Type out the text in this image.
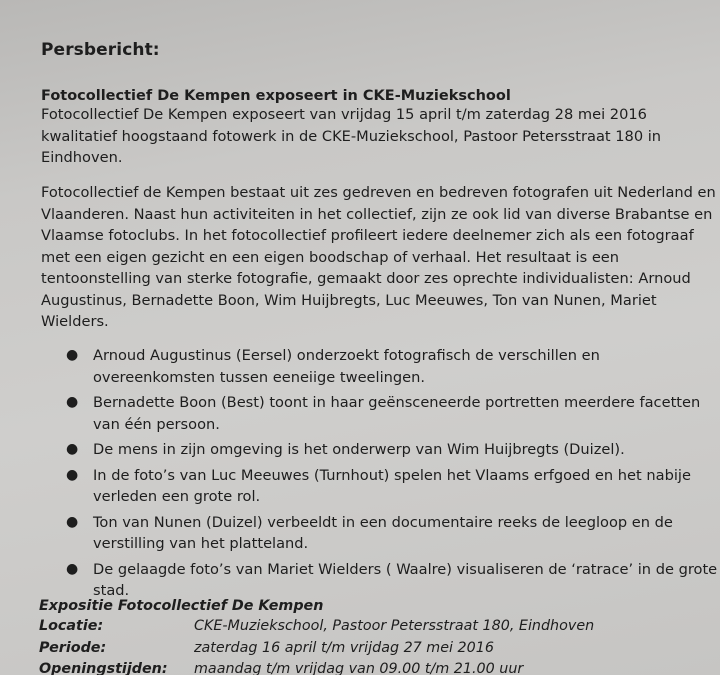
Persbericht:
Fotocollectief De Kempen exposeert in CKE-Muziekschool
Fotocollectief De Kempen exposeert van vrijdag 15 april t/m zaterdag 28 mei 2016
kwalitatief hoogstaand fotowerk in de CKE-Muziekschool, Pastoor Petersstraat 180 in
Eindhoven.
Fotocollectief de Kempen bestaat uit zes gedreven en bedreven fotografen uit Nederland en
Vlaanderen. Naast hun activiteiten in het collectief, zijn ze ook lid van diverse Brabantse en
Vlaamse fotoclubs. In het fotocollectief profileert iedere deelnemer zich als een fotograaf
met een eigen gezicht en een eigen boodschap of verhaal. Het resultaat is een
tentoonstelling van sterke fotografie, gemaakt door zes oprechte individualisten: Arnoud
Augustinus, Bernadette Boon, Wim Huijbregts, Luc Meeuwes, Ton van Nunen, Mariet
Wielders.
● Arnoud Augustinus (Eersel) onderzoekt fotografisch de verschillen en
overeenkomsten tussen eeneiige tweelingen.
● Bernadette Boon (Best) toont in haar geënsceneerde portretten meerdere facetten
van één persoon.
● De mens in zijn omgeving is het onderwerp van Wim Huijbregts (Duizel).
● In de foto’s van Luc Meeuwes (Turnhout) spelen het Vlaams erfgoed en het nabije
verleden een grote rol.
● Ton van Nunen (Duizel) verbeeldt in een documentaire reeks de leegloop en de
verstilling van het platteland.
● De gelaagde foto’s van Mariet Wielders ( Waalre) visualiseren de ‘ratrace’ in de grote
stad.
Expositie Fotocollectief De Kempen
Locatie:	CKE-Muziekschool, Pastoor Petersstraat 180, Eindhoven
Periode:	zaterdag 16 april t/m vrijdag 27 mei 2016
Openingstijden: maandag t/m vrijdag van 09.00 t/m 21.00 uur
